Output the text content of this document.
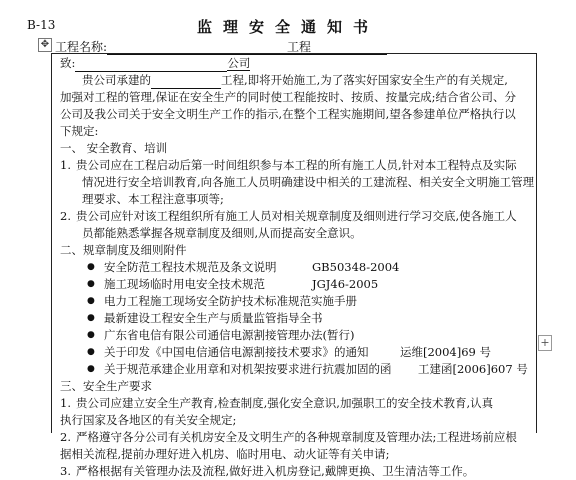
B-13	监理安全通知书
✥ 工程名称:	工程
致:	公司
贵公司承建的	工程,即将开始施工,为了落实好国家安全生产的有关规定,
加强对工程的管理,保证在安全生产的同时使工程能按时、按质、按量完成;结合省公司、分
公司及我公司关于安全文明生产工作的指示,在整个工程实施期间,望各参建单位严格执行以
下规定:
一、 安全教育、培训
1. 贵公司应在工程启动后第一时间组织参与本工程的所有施工人员,针对本工程特点及实际
情况进行安全培训教育,向各施工人员明确建设中相关的工建流程、相关安全文明施工管理
理要求、本工程注意事项等;
2. 贵公司应针对该工程组织所有施工人员对相关规章制度及细则进行学习交底,使各施工人
员都能熟悉掌握各规章制度及细则,从而提高安全意识。
二、规章制度及细则附件
● 安全防范工程技术规范及条文说明	GB50348-2004
● 施工现场临时用电安全技术规范	JGJ46-2005
● 电力工程施工现场安全防护技术标准规范实施手册
● 最新建设工程安全生产与质量监管指导全书
● 广东省电信有限公司通信电源割接管理办法(暂行)
● 关于印发《中国电信通信电源割接技术要求》的通知	运维[2004]69 号
● 关于规范承建企业用章和对机架按要求进行抗震加固的函 工建函[2006]607 号
三、安全生产要求
1. 贵公司应建立安全生产教育,检查制度,强化安全意识,加强职工的安全技术教育,认真
执行国家及各地区的有关安全规定;
2. 严格遵守各分公司有关机房安全及文明生产的各种规章制度及管理办法;工程进场前应根
据相关流程,提前办理好进入机房、临时用电、动火证等有关申请;
3. 严格根据有关管理办法及流程,做好进入机房登记,戴牌更换、卫生清洁等工作。
+
